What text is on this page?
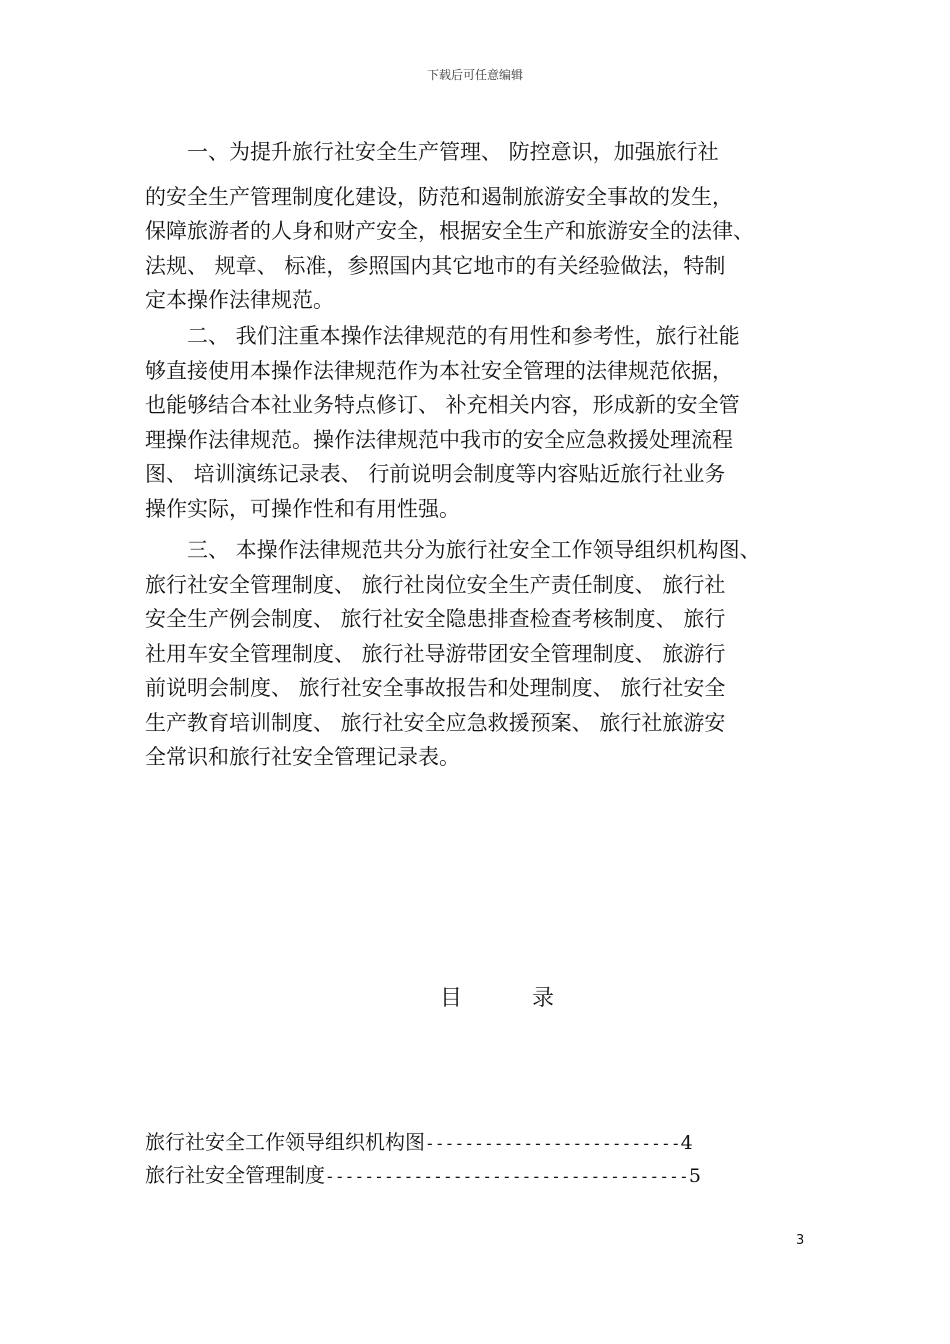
下载后可任意编辑
　　一、为提升旅行社安全生产管理、 防控意识，加强旅行社
的安全生产管理制度化建设，防范和遏制旅游安全事故的发生，
保障旅游者的人身和财产安全，根据安全生产和旅游安全的法律、
法规、 规章、 标准，参照国内其它地市的有关经验做法，特制
定本操作法律规范。
　　二、 我们注重本操作法律规范的有用性和参考性，旅行社能
够直接使用本操作法律规范作为本社安全管理的法律规范依据，
也能够结合本社业务特点修订、 补充相关内容，形成新的安全管
理操作法律规范。操作法律规范中我市的安全应急救援处理流程
图、 培训演练记录表、 行前说明会制度等内容贴近旅行社业务
操作实际，可操作性和有用性强。
　　三、 本操作法律规范共分为旅行社安全工作领导组织机构图、
旅行社安全管理制度、 旅行社岗位安全生产责任制度、 旅行社
安全生产例会制度、 旅行社安全隐患排查检查考核制度、 旅行
社用车安全管理制度、 旅行社导游带团安全管理制度、 旅游行
前说明会制度、 旅行社安全事故报告和处理制度、 旅行社安全
生产教育培训制度、 旅行社安全应急救援预案、 旅行社旅游安
全常识和旅行社安全管理记录表。
目	录
旅行社安全工作领导组织机构图--------------------------4
旅行社安全管理制度-------------------------------------5
3
